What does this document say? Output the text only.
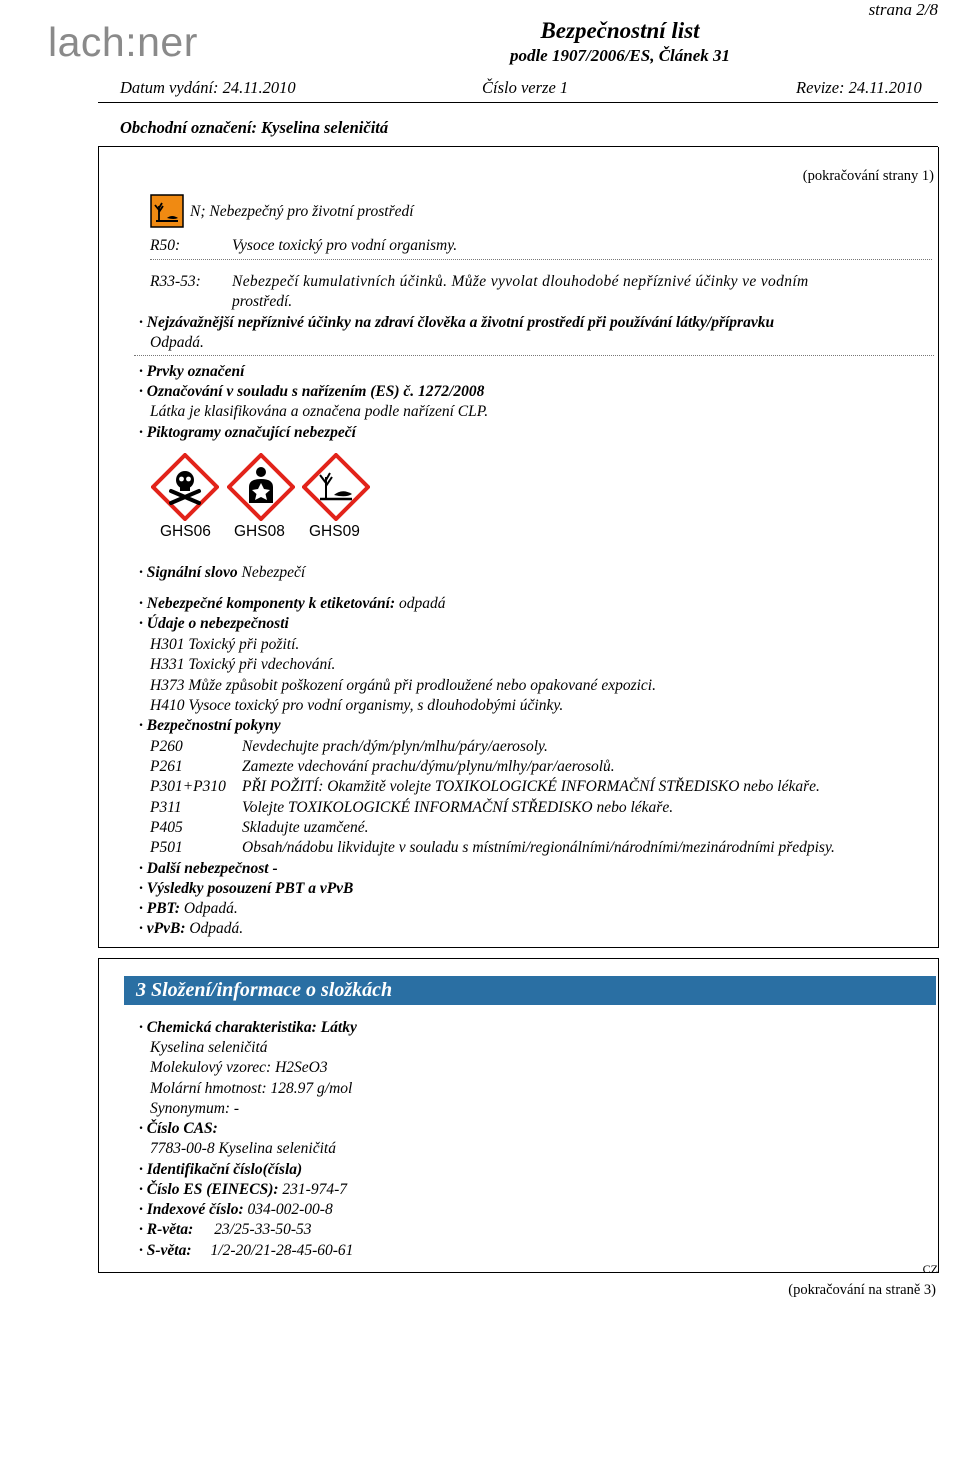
lach:ner
strana 2/8
Bezpečnostní list
podle 1907/2006/ES, Článek 31
Datum vydání: 24.11.2010	Číslo verze 1	Revize: 24.11.2010
Obchodní označení: Kyselina seleničitá
(pokračování strany 1)
N; Nebezpečný pro životní prostředí
R50:	Vysoce toxický pro vodní organismy.
R33-53: Nebezpečí kumulativních účinků. Může vyvolat dlouhodobé nepříznivé účinky ve vodním
prostředí.
· Nejzávažnější nepříznivé účinky na zdraví člověka a životní prostředí při používání látky/přípravku
Odpadá.
· Prvky označení
· Označování v souladu s nařízením (ES) č. 1272/2008
Látka je klasifikována a označena podle nařízení CLP.
· Piktogramy označující nebezpečí
GHS06 GHS08 GHS09
· Signální slovo Nebezpečí
· Nebezpečné komponenty k etiketování: odpadá
· Údaje o nebezpečnosti
H301 Toxický při požití.
H331 Toxický při vdechování.
H373 Může způsobit poškození orgánů při prodloužené nebo opakované expozici.
H410 Vysoce toxický pro vodní organismy, s dlouhodobými účinky.
· Bezpečnostní pokyny
P260	Nevdechujte prach/dým/plyn/mlhu/páry/aerosoly.
P261	Zamezte vdechování prachu/dýmu/plynu/mlhy/par/aerosolů.
P301+P310 PŘI POŽITÍ: Okamžitě volejte TOXIKOLOGICKÉ INFORMAČNÍ STŘEDISKO nebo lékaře.
P311	Volejte TOXIKOLOGICKÉ INFORMAČNÍ STŘEDISKO nebo lékaře.
P405	Skladujte uzamčené.
P501	Obsah/nádobu likvidujte v souladu s místními/regionálními/národními/mezinárodními předpisy.
· Další nebezpečnost -
· Výsledky posouzení PBT a vPvB
· PBT: Odpadá.
· vPvB: Odpadá.
3 Složení/informace o složkách
· Chemická charakteristika: Látky
Kyselina seleničitá
Molekulový vzorec: H2SeO3
Molární hmotnost: 128.97 g/mol
Synonymum: -
· Číslo CAS:
7783-00-8 Kyselina seleničitá
· Identifikační číslo(čísla)
· Číslo ES (EINECS): 231-974-7
· Indexové číslo: 034-002-00-8
· R-věta: 23/25-33-50-53
· S-věta: 1/2-20/21-28-45-60-61
CZ
(pokračování na straně 3)
